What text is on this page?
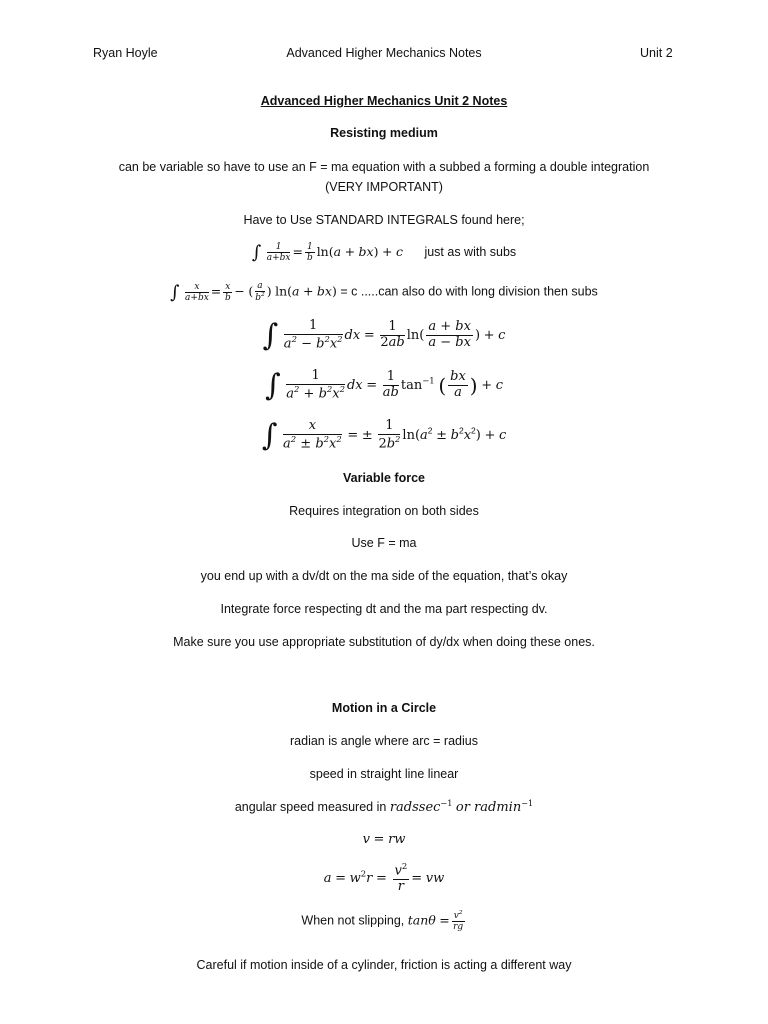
Ryan Hoyle	Advanced Higher Mechanics Notes	Unit 2
Advanced Higher Mechanics Unit 2 Notes
Resisting medium
can be variable so have to use an F = ma equation with a subbed a forming a double integration
(VERY IMPORTANT)
Have to Use STANDARD INTEGRALS found here;
∫ $\frac{1}{a+bx} = \frac{1}{b} \ln(a + bx) + c$ just as with subs
∫ $\frac{x}{a+bx} = \frac{x}{b}$ − ( $\frac{a}{b^2}$ ) ln(a + bx) = c .....can also do with long division then subs
∫ $\frac{1}{a^2 - b^2x^2}$ dx = $\frac{1}{2ab} \ln( \frac{a + bx}{a - bx}$ ) + c
∫ $\frac{1}{a^2 + b^2x^2}$ dx = $\frac{1}{ab} \tan^{-1}$ ( $\frac{bx}{a}$ ) + c
∫ $\frac{x}{a^2 \pm b^2x^2}$ = ± $\frac{1}{2b^2} \ln(a^2 \pm b^2x^2) + c$
Variable force
Requires integration on both sides
Use F = ma
you end up with a dv/dt on the ma side of the equation, that’s okay
Integrate force respecting dt and the ma part respecting dv.
Make sure you use appropriate substitution of dy/dx when doing these ones.
Motion in a Circle
radian is angle where arc = radius
speed in straight line linear
angular speed measured in radssec$^{-1}$ or radmin$^{-1}$
v = rw
$a = w^2r = \frac{v^2}{r}$ = vw
When not slipping, $\tan\theta = \frac{v^2}{rg}$
Careful if motion inside of a cylinder, friction is acting a different way
